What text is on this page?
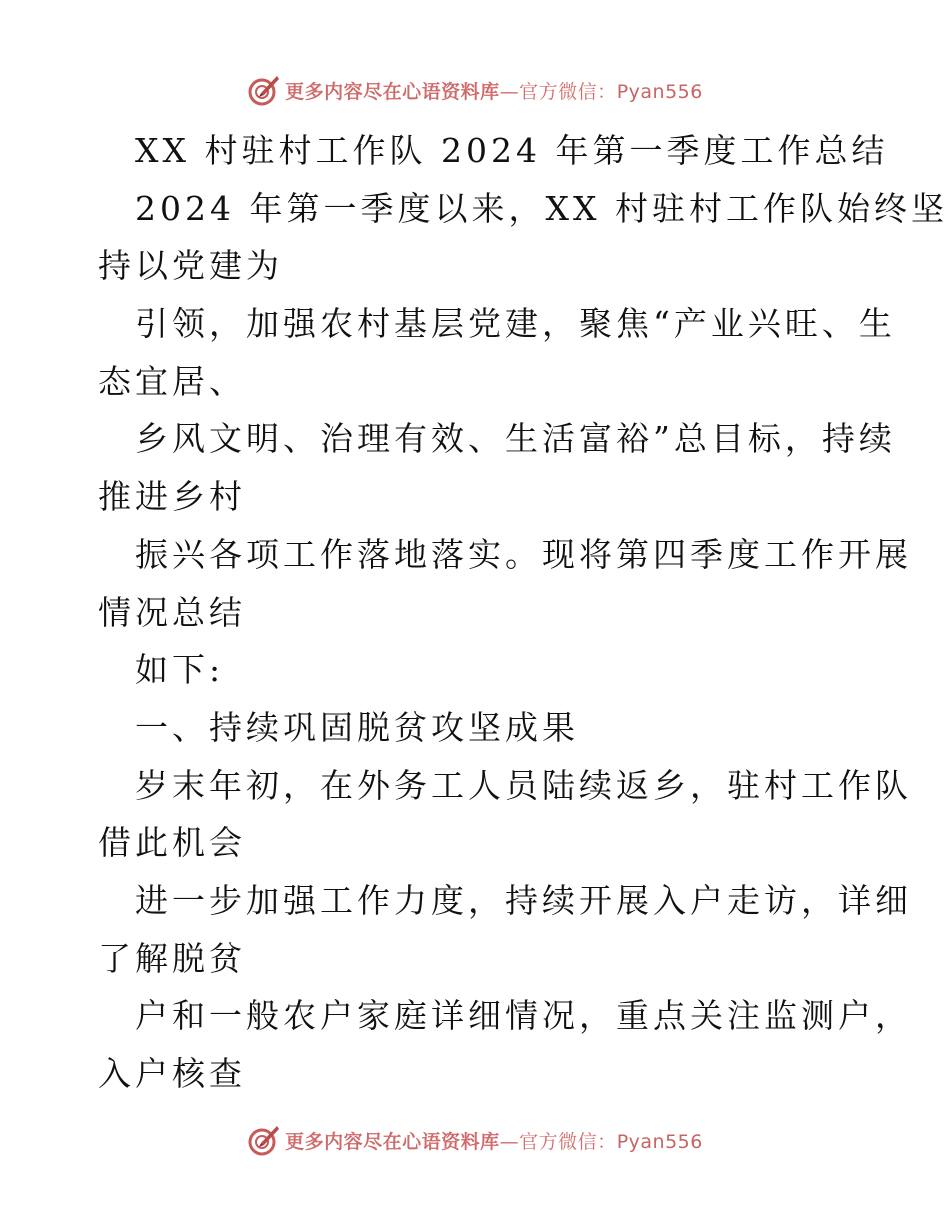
更多内容尽在心语资料库—官方微信：Pyan556
XX 村驻村工作队 2024 年第一季度工作总结
2024 年第一季度以来，XX 村驻村工作队始终坚
持以党建为
引领，加强农村基层党建，聚焦“产业兴旺、生
态宜居、
乡风文明、治理有效、生活富裕”总目标，持续
推进乡村
振兴各项工作落地落实。现将第四季度工作开展
情况总结
如下:
一、持续巩固脱贫攻坚成果
岁末年初，在外务工人员陆续返乡，驻村工作队
借此机会
进一步加强工作力度，持续开展入户走访，详细
了解脱贫
户和一般农户家庭详细情况，重点关注监测户，
入户核查
更多内容尽在心语资料库—官方微信：Pyan556
